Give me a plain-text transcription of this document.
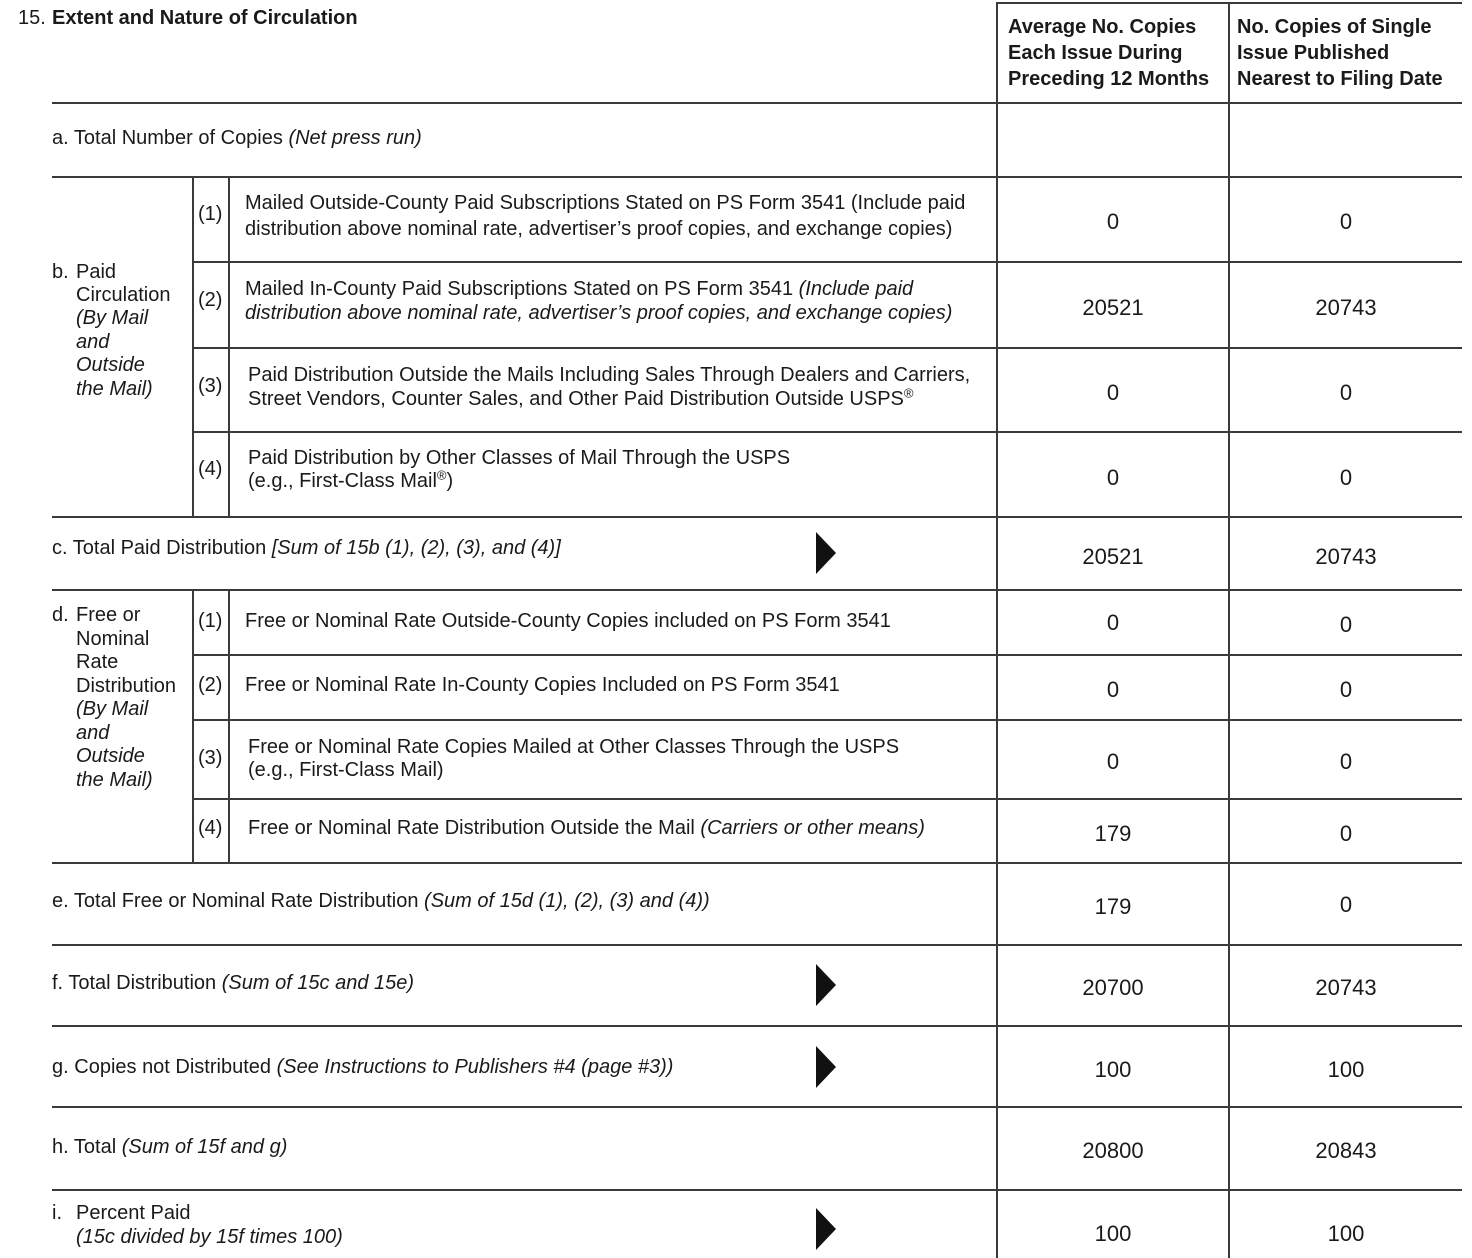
15. Extent and Nature of Circulation	Average No. Copies
Each Issue During
Preceding 12 Months
No. Copies of Single
Issue Published
Nearest to Filing Date
a. Total Number of Copies (Net press run)
b. Paid
Circulation
(By Mail
and
Outside
the Mail)
(1) Mailed Outside-County Paid Subscriptions Stated on PS Form 3541 (Include paid
distribution above nominal rate, advertiser’s proof copies, and exchange copies)	0	0
(2) Mailed In-County Paid Subscriptions Stated on PS Form 3541 (Include paid
distribution above nominal rate, advertiser’s proof copies, and exchange copies)	20521	20743
(3) Paid Distribution Outside the Mails Including Sales Through Dealers and Carriers,
Street Vendors, Counter Sales, and Other Paid Distribution Outside USPS®	0	0
(4) Paid Distribution by Other Classes of Mail Through the USPS
(e.g., First-Class Mail®)	0	0
c. Total Paid Distribution [Sum of 15b (1), (2), (3), and (4)]	20521	20743
d. Free or
Nominal
Rate
Distribution
(By Mail
and
Outside
the Mail)
(1) Free or Nominal Rate Outside-County Copies included on PS Form 3541	0	0
(2) Free or Nominal Rate In-County Copies Included on PS Form 3541	0	0
(3) Free or Nominal Rate Copies Mailed at Other Classes Through the USPS
(e.g., First-Class Mail)	0	0
(4) Free or Nominal Rate Distribution Outside the Mail (Carriers or other means)	179	0
e. Total Free or Nominal Rate Distribution (Sum of 15d (1), (2), (3) and (4))	179	0
f. Total Distribution (Sum of 15c and 15e)	20700	20743
g. Copies not Distributed (See Instructions to Publishers #4 (page #3))	100	100
h. Total (Sum of 15f and g)	20800	20843
i. Percent Paid
(15c divided by 15f times 100)	100	100
